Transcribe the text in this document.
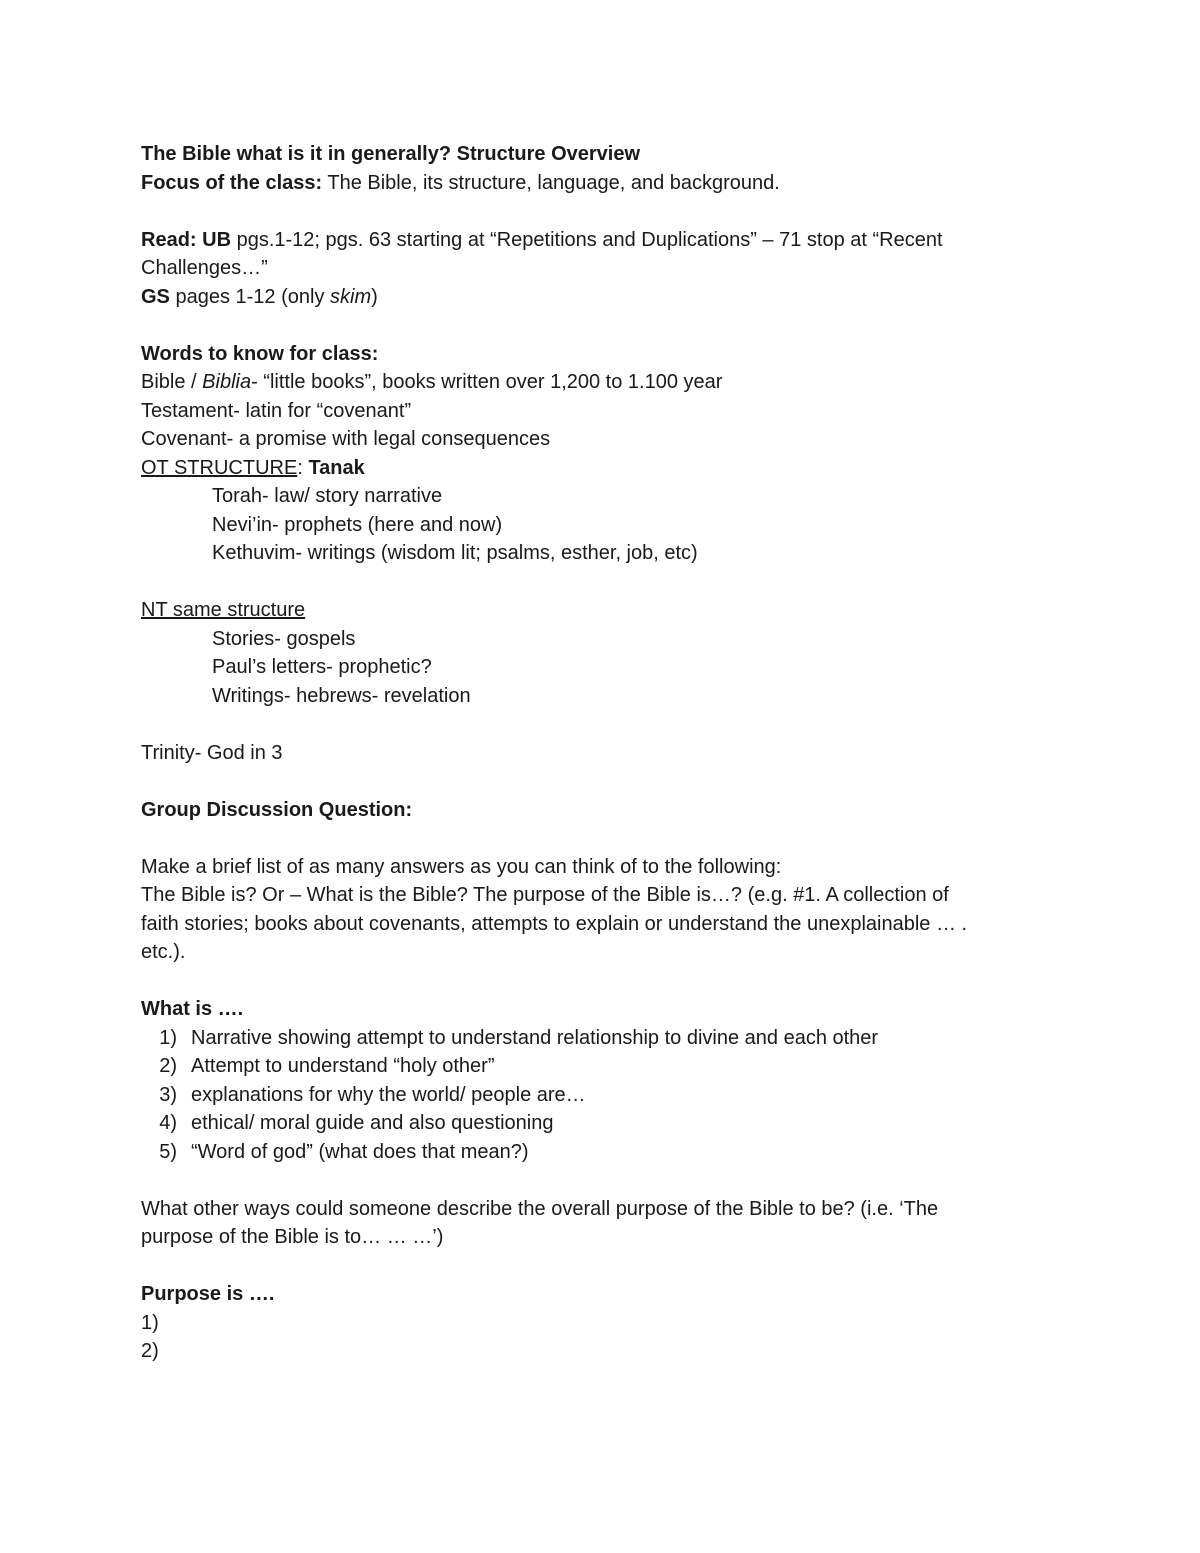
The Bible what is it in generally? Structure Overview
Focus of the class: The Bible, its structure, language, and background.
Read: UB pgs.1-12; pgs. 63 starting at “Repetitions and Duplications” – 71 stop at “Recent
Challenges…”
GS pages 1-12 (only skim)
Words to know for class:
Bible / Biblia- “little books”, books written over 1,200 to 1.100 year
Testament- latin for “covenant”
Covenant- a promise with legal consequences
OT STRUCTURE: Tanak
Torah- law/ story narrative
Nevi’in- prophets (here and now)
Kethuvim- writings (wisdom lit; psalms, esther, job, etc)
NT same structure
Stories- gospels
Paul’s letters- prophetic?
Writings- hebrews- revelation
Trinity- God in 3
Group Discussion Question:
Make a brief list of as many answers as you can think of to the following:
The Bible is? Or – What is the Bible? The purpose of the Bible is…? (e.g. #1. A collection of
faith stories; books about covenants, attempts to explain or understand the unexplainable … .
etc.).
What is ….
1) Narrative showing attempt to understand relationship to divine and each other
2) Attempt to understand “holy other”
3) explanations for why the world/ people are…
4) ethical/ moral guide and also questioning
5) “Word of god” (what does that mean?)
What other ways could someone describe the overall purpose of the Bible to be? (i.e. ‘The
purpose of the Bible is to… … …’)
Purpose is ….
1)
2)
